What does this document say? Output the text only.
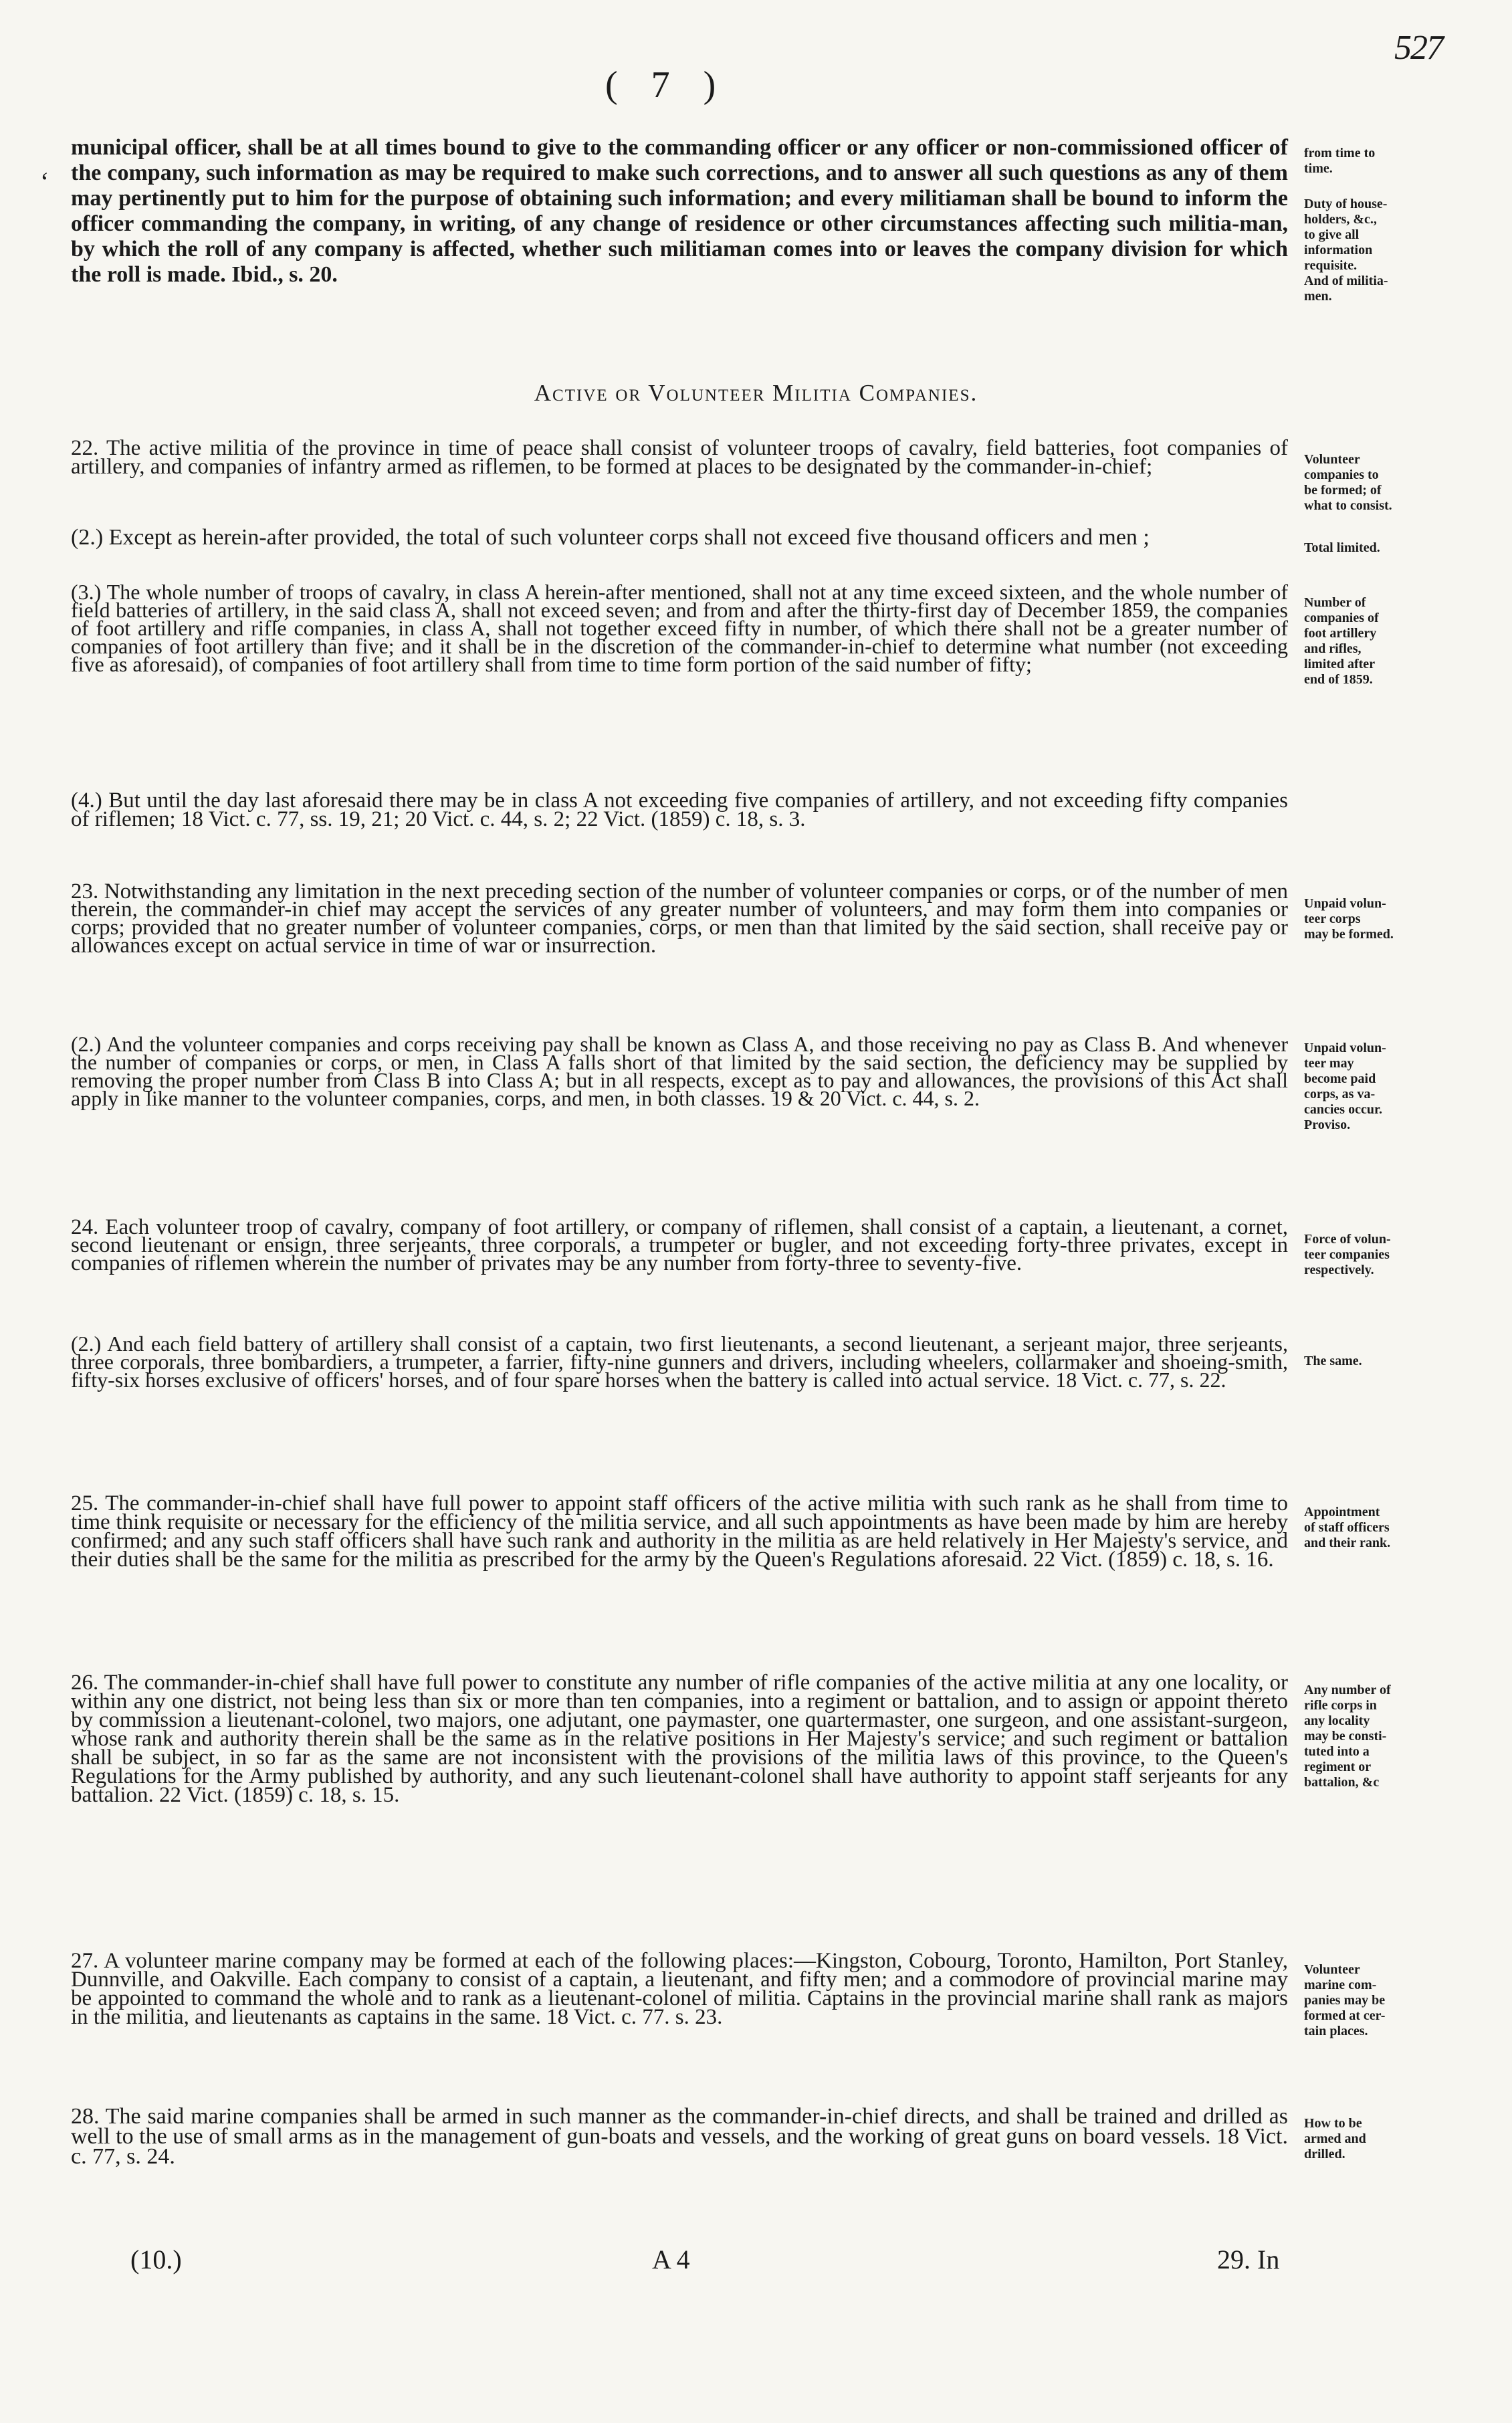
527
( 7 )
‘

municipal officer, shall be at all times bound to give to the commanding officer or any officer or non-commissioned officer of the company, such information as may be required to make such corrections, and to answer all such questions as any of them may pertinently put to him for the purpose of obtaining such information; and every militiaman shall be bound to inform the officer commanding the company, in writing, of any change of residence or other circumstances affecting such militia-man, by which the roll of any company is affected, whether such militiaman comes into or leaves the company division for which the roll is made. Ibid., s. 20.

Active or Volunteer Militia Companies.

22. The active militia of the province in time of peace shall consist of volunteer troops of cavalry, field batteries, foot companies of artillery, and companies of infantry armed as riflemen, to be formed at places to be designated by the commander-in-chief;

(2.) Except as herein-after provided, the total of such volunteer corps shall not exceed five thousand officers and men ;

(3.) The whole number of troops of cavalry, in class A herein-after mentioned, shall not at any time exceed sixteen, and the whole number of field batteries of artillery, in the said class A, shall not exceed seven; and from and after the thirty-first day of December 1859, the companies of foot artillery and rifle companies, in class A, shall not together exceed fifty in number, of which there shall not be a greater number of companies of foot artillery than five; and it shall be in the discretion of the commander-in-chief to determine what number (not exceeding five as aforesaid), of companies of foot artillery shall from time to time form portion of the said number of fifty;

(4.) But until the day last aforesaid there may be in class A not exceeding five companies of artillery, and not exceeding fifty companies of riflemen; 18 Vict. c. 77, ss. 19, 21; 20 Vict. c. 44, s. 2; 22 Vict. (1859) c. 18, s. 3.

23. Notwithstanding any limitation in the next preceding section of the number of volunteer companies or corps, or of the number of men therein, the commander-in chief may accept the services of any greater number of volunteers, and may form them into companies or corps; provided that no greater number of volunteer companies, corps, or men than that limited by the said section, shall receive pay or allowances except on actual service in time of war or insurrection.

(2.) And the volunteer companies and corps receiving pay shall be known as Class A, and those receiving no pay as Class B. And whenever the number of companies or corps, or men, in Class A falls short of that limited by the said section, the deficiency may be supplied by removing the proper number from Class B into Class A; but in all respects, except as to pay and allowances, the provisions of this Act shall apply in like manner to the volunteer companies, corps, and men, in both classes. 19 & 20 Vict. c. 44, s. 2.

24. Each volunteer troop of cavalry, company of foot artillery, or company of riflemen, shall consist of a captain, a lieutenant, a cornet, second lieutenant or ensign, three serjeants, three corporals, a trumpeter or bugler, and not exceeding forty-three privates, except in companies of riflemen wherein the number of privates may be any number from forty-three to seventy-five.

(2.) And each field battery of artillery shall consist of a captain, two first lieutenants, a second lieutenant, a serjeant major, three serjeants, three corporals, three bombardiers, a trumpeter, a farrier, fifty-nine gunners and drivers, including wheelers, collarmaker and shoeing-smith, fifty-six horses exclusive of officers' horses, and of four spare horses when the battery is called into actual service. 18 Vict. c. 77, s. 22.

25. The commander-in-chief shall have full power to appoint staff officers of the active militia with such rank as he shall from time to time think requisite or necessary for the efficiency of the militia service, and all such appointments as have been made by him are hereby confirmed; and any such staff officers shall have such rank and authority in the militia as are held relatively in Her Majesty's service, and their duties shall be the same for the militia as prescribed for the army by the Queen's Regulations aforesaid. 22 Vict. (1859) c. 18, s. 16.

26. The commander-in-chief shall have full power to constitute any number of rifle companies of the active militia at any one locality, or within any one district, not being less than six or more than ten companies, into a regiment or battalion, and to assign or appoint thereto by commission a lieutenant-colonel, two majors, one adjutant, one paymaster, one quartermaster, one surgeon, and one assistant-surgeon, whose rank and authority therein shall be the same as in the relative positions in Her Majesty's service; and such regiment or battalion shall be subject, in so far as the same are not inconsistent with the provisions of the militia laws of this province, to the Queen's Regulations for the Army published by authority, and any such lieutenant-colonel shall have authority to appoint staff serjeants for any battalion. 22 Vict. (1859) c. 18, s. 15.

27. A volunteer marine company may be formed at each of the following places:—Kingston, Cobourg, Toronto, Hamilton, Port Stanley, Dunnville, and Oakville. Each company to consist of a captain, a lieutenant, and fifty men; and a commodore of provincial marine may be appointed to command the whole and to rank as a lieutenant-colonel of militia. Captains in the provincial marine shall rank as majors in the militia, and lieutenants as captains in the same. 18 Vict. c. 77. s. 23.

28. The said marine companies shall be armed in such manner as the commander-in-chief directs, and shall be trained and drilled as well to the use of small arms as in the management of gun-boats and vessels, and the working of great guns on board vessels. 18 Vict. c. 77, s. 24.

from time to
time.
Duty of house-
holders, &c.,
to give all
information
requisite.
And of militia-
men.
Volunteer
companies to
be formed; of
what to consist.
Total limited.
Number of
companies of
foot artillery
and rifles,
limited after
end of 1859.
Unpaid volun-
teer corps
may be formed.
Unpaid volun-
teer may
become paid
corps, as va-
cancies occur.
Proviso.
Force of volun-
teer companies
respectively.
The same.
Appointment
of staff officers
and their rank.
Any number of
rifle corps in
any locality
may be consti-
tuted into a
regiment or
battalion, &c
Volunteer
marine com-
panies may be
formed at cer-
tain places.
How to be
armed and
drilled.
(10.)	A 4	29. In
